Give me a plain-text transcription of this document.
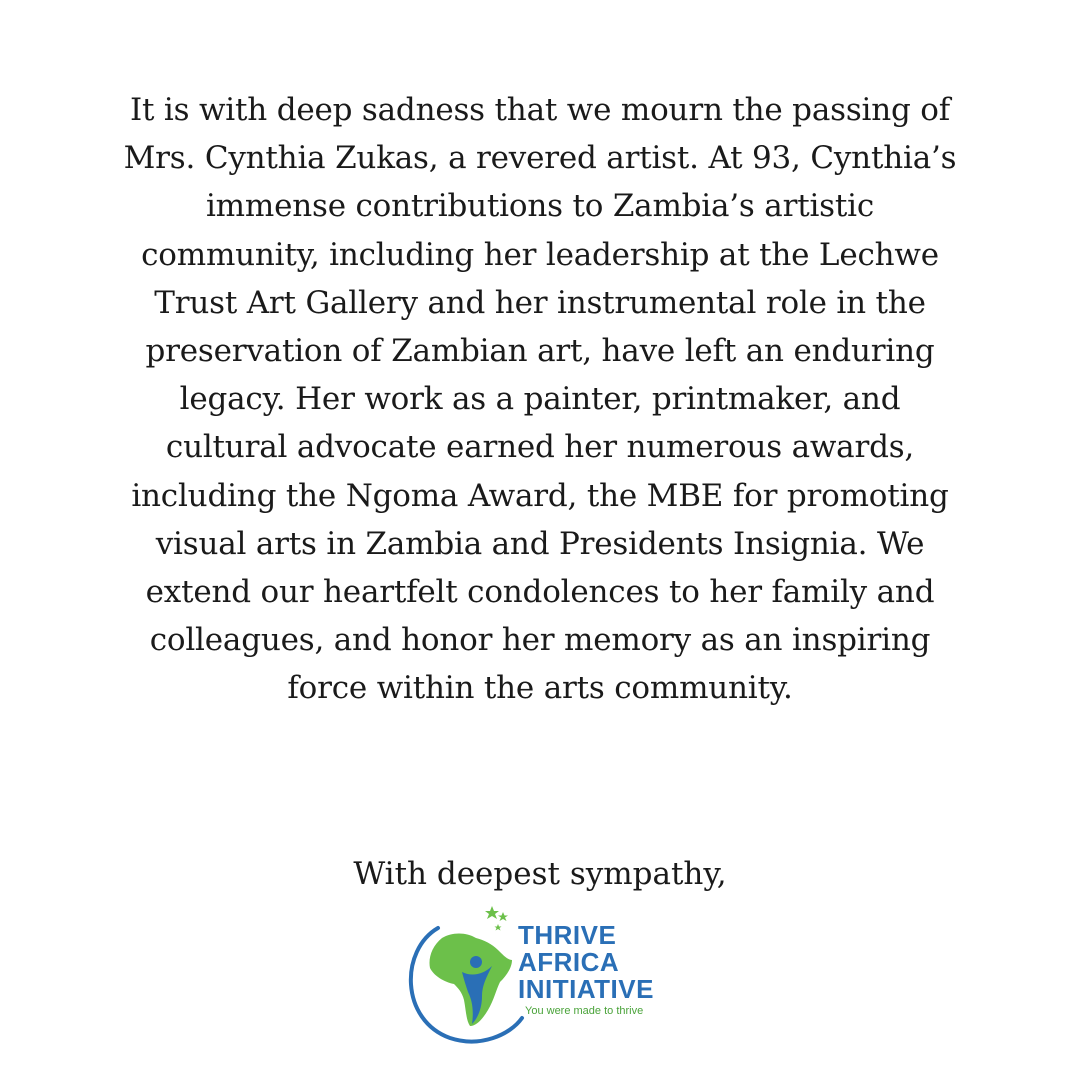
It is with deep sadness that we mourn the passing of Mrs. Cynthia Zukas, a revered artist. At 93, Cynthia’s immense contributions to Zambia’s artistic community, including her leadership at the Lechwe Trust Art Gallery and her instrumental role in the preservation of Zambian art, have left an enduring legacy. Her work as a painter, printmaker, and cultural advocate earned her numerous awards, including the Ngoma Award, the MBE for promoting visual arts in Zambia and Presidents Insignia. We extend our heartfelt condolences to her family and colleagues, and honor her memory as an inspiring force within the arts community.

With deepest sympathy,

THRIVE
AFRICA
INITIATIVE
You were made to thrive
